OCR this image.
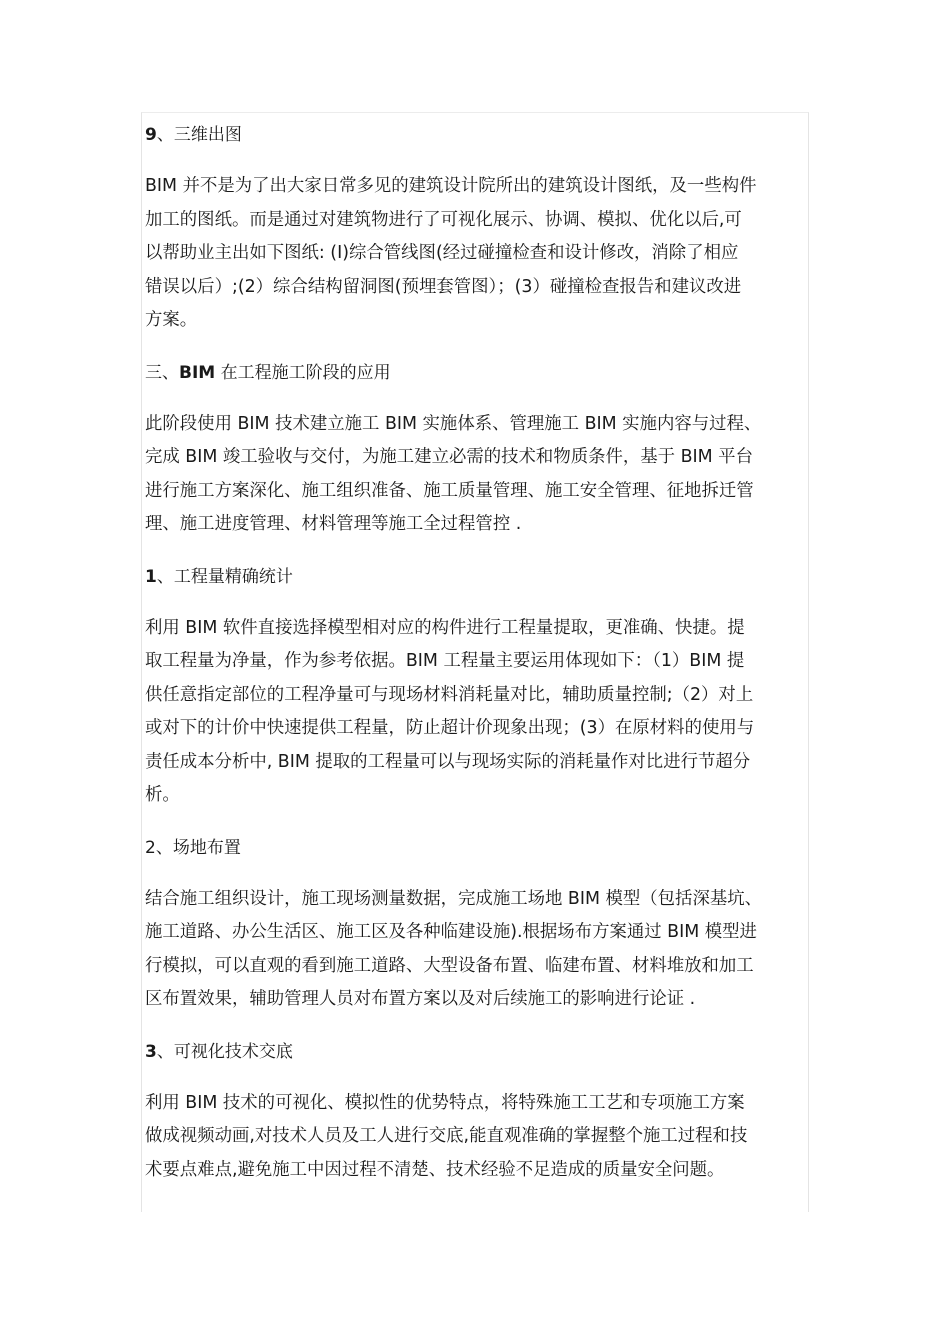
9、三维出图
BIM 并不是为了出大家日常多见的建筑设计院所出的建筑设计图纸，及一些构件
加工的图纸。而是通过对建筑物进行了可视化展示、协调、模拟、优化以后,可
以帮助业主出如下图纸: (I)综合管线图(经过碰撞检查和设计修改，消除了相应
错误以后）;(2）综合结构留洞图(预埋套管图）；(3）碰撞检查报告和建议改进
方案。
三、BIM 在工程施工阶段的应用
此阶段使用 BIM 技术建立施工 BIM 实施体系、管理施工 BIM 实施内容与过程、
完成 BIM 竣工验收与交付，为施工建立必需的技术和物质条件，基于 BIM 平台
进行施工方案深化、施工组织准备、施工质量管理、施工安全管理、征地拆迁管
理、施工进度管理、材料管理等施工全过程管控 .
1、工程量精确统计
利用 BIM 软件直接选择模型相对应的构件进行工程量提取，更准确、快捷。提
取工程量为净量，作为参考依据。BIM 工程量主要运用体现如下：（1）BIM 提
供任意指定部位的工程净量可与现场材料消耗量对比，辅助质量控制;（2）对上
或对下的计价中快速提供工程量，防止超计价现象出现；(3）在原材料的使用与
责任成本分析中, BIM 提取的工程量可以与现场实际的消耗量作对比进行节超分
析。
2、场地布置
结合施工组织设计，施工现场测量数据，完成施工场地 BIM 模型（包括深基坑、
施工道路、办公生活区、施工区及各种临建设施).根据场布方案通过 BIM 模型进
行模拟，可以直观的看到施工道路、大型设备布置、临建布置、材料堆放和加工
区布置效果，辅助管理人员对布置方案以及对后续施工的影响进行论证 .
3、可视化技术交底
利用 BIM 技术的可视化、模拟性的优势特点，将特殊施工工艺和专项施工方案
做成视频动画,对技术人员及工人进行交底,能直观准确的掌握整个施工过程和技
术要点难点,避免施工中因过程不清楚、技术经验不足造成的质量安全问题。
